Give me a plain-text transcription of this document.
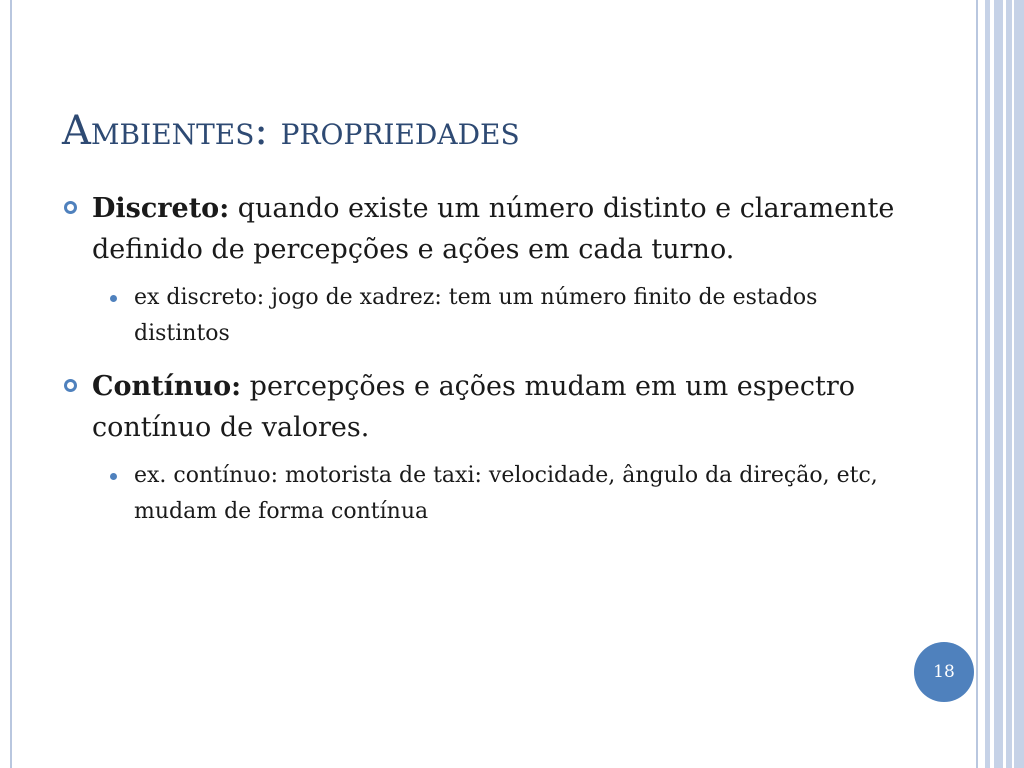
Ambientes: propriedades
Discreto: quando existe um número distinto e claramente definido de percepções e ações em cada turno.
ex discreto: jogo de xadrez: tem um número finito de estados distintos
Contínuo: percepções e ações mudam em um espectro contínuo de valores.
ex. contínuo: motorista de taxi: velocidade, ângulo da direção, etc, mudam de forma contínua
18
